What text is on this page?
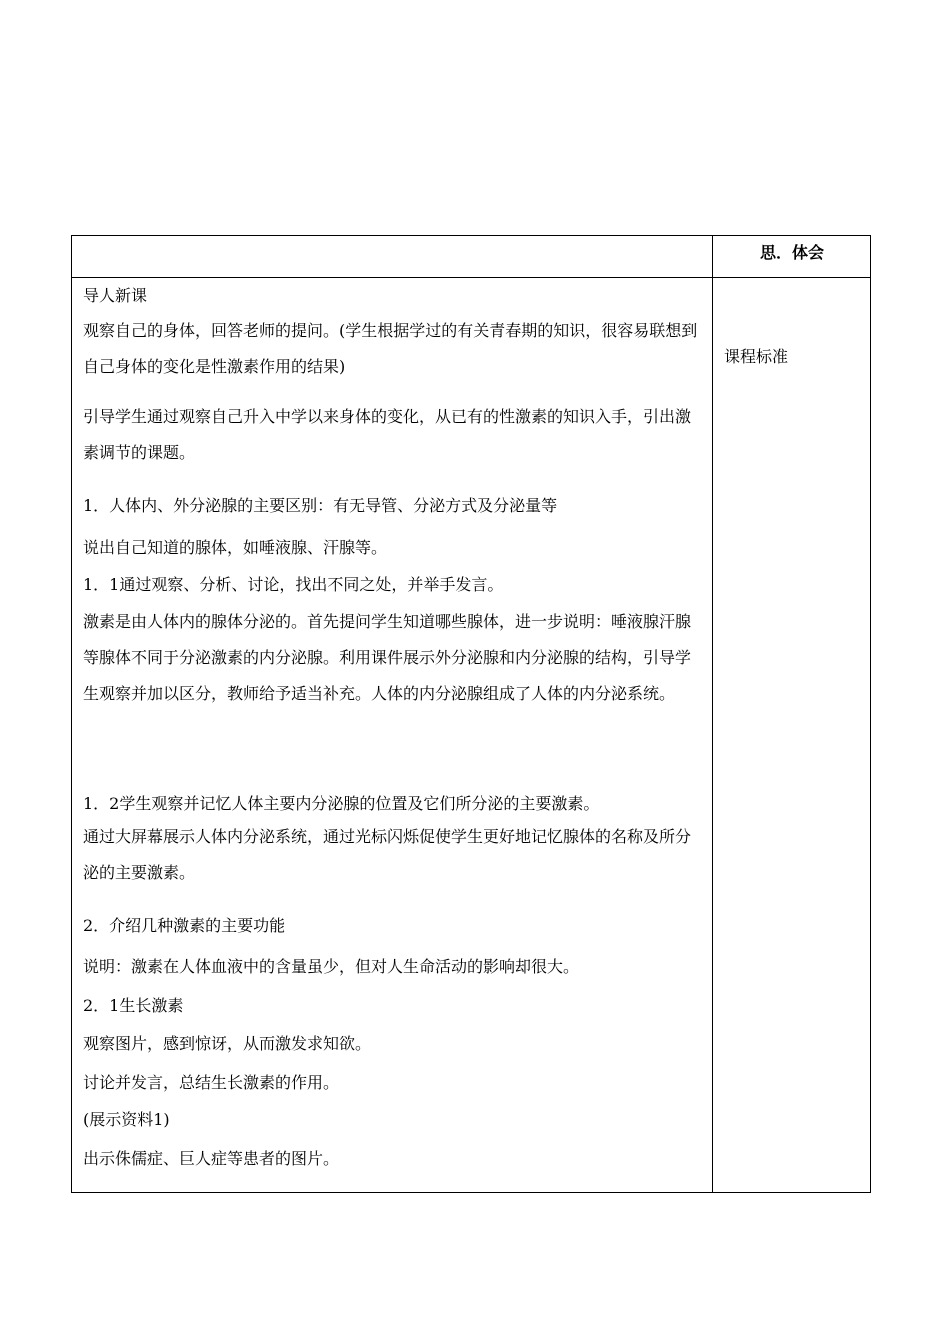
思．体会
课程标准
导人新课
观察自己的身体，回答老师的提问。(学生根据学过的有关青春期的知识，很容易联想到自己身体的变化是性激素作用的结果)
引导学生通过观察自己升入中学以来身体的变化，从已有的性激素的知识入手，引出激素调节的课题。
1．人体内、外分泌腺的主要区别：有无导管、分泌方式及分泌量等
说出自己知道的腺体，如唾液腺、汗腺等。
1．1通过观察、分析、讨论，找出不同之处，并举手发言。
激素是由人体内的腺体分泌的。首先提问学生知道哪些腺体，进一步说明：唾液腺汗腺等腺体不同于分泌激素的内分泌腺。利用课件展示外分泌腺和内分泌腺的结构，引导学生观察并加以区分，教师给予适当补充。人体的内分泌腺组成了人体的内分泌系统。
1．2学生观察并记忆人体主要内分泌腺的位置及它们所分泌的主要激素。
通过大屏幕展示人体内分泌系统，通过光标闪烁促使学生更好地记忆腺体的名称及所分泌的主要激素。
2．介绍几种激素的主要功能
说明：激素在人体血液中的含量虽少，但对人生命活动的影响却很大。
2．1生长激素
观察图片，感到惊讶，从而激发求知欲。
讨论并发言，总结生长激素的作用。
(展示资料1)
出示侏儒症、巨人症等患者的图片。
